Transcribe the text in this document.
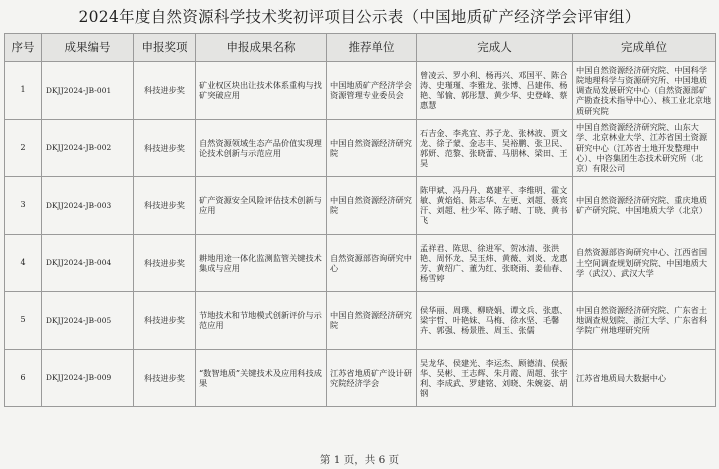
2024年度自然资源科学技术奖初评项目公示表（中国地质矿产经济学会评审组）
序号	成果编号	申报奖项	申报成果名称	推荐单位	完成人	完成单位
1	DKJJ2024-JB-001	科技进步奖	矿业权区块出让技术体系重构与找矿突破应用	中国地质矿产经济学会资源管理专业委员会	曾凌云、罗小利、杨再兴、邓国平、陈合涛、史瑾瑾、李雅龙、张博、吕建伟、杨艳、邹愉、郭彤慧、黄少华、史登峰、蔡惠慧	中国自然资源经济研究院、中国科学院地理科学与资源研究所、中国地质调查局发展研究中心（自然资源部矿产勘查技术指导中心）、核工业北京地质研究院
2	DKJJ2024-JB-002	科技进步奖	自然资源领域生态产品价值实现理论技术创新与示范应用	中国自然资源经济研究院	石吉金、李兆宜、苏子龙、张林波、贾文龙、徐子蒙、金志丰、吴裕鹏、张卫民、郭妍、范黎、张晓蕾、马朋林、梁田、王昊	中国自然资源经济研究院、山东大学、北京林业大学、江苏省国土资源研究中心（江苏省土地开发整理中心）、中咨集团生态技术研究所（北京）有限公司
3	DKJJ2024-JB-003	科技进步奖	矿产资源安全风险评估技术创新与应用	中国自然资源经济研究院	陈甲斌、冯丹丹、葛建平、李维明、霍文敏、黄焰焰、陈志华、左更、刘超、聂宾汗、刘超、杜少军、陈子晴、丁晓、黄书飞	中国自然资源经济研究院、重庆地质矿产研究院、中国地质大学（北京）
4	DKJJ2024-JB-004	科技进步奖	耕地用途一体化监测监管关键技术集成与应用	自然资源部咨询研究中心	孟祥君、陈思、徐进军、贺冰清、张洪艳、周怀龙、吴玉炜、黄薇、刘炎、龙惠芳、黄绍广、董为红、张晓雨、姜仙春、杨雪婷	自然资源部咨询研究中心、江西省国土空间调查规划研究院、中国地质大学（武汉）、武汉大学
5	DKJJ2024-JB-005	科技进步奖	节地技术和节地模式创新评价与示范应用	中国自然资源经济研究院	侯华丽、周璞、柳晓娟、谭文兵、张惠、梁宇哲、叶艳妹、马梅、徐水坚、毛馨卉、郭强、杨景胜、周玉、张儒	中国自然资源经济研究院、广东省土地调查规划院、浙江大学、广东省科学院广州地理研究所
6	DKJJ2024-JB-009	科技进步奖	“数智地质”关键技术及应用科技成果	江苏省地质矿产设计研究院经济学会	吴龙华、侯建光、李运杰、顾德清、侯振华、吴彬、王志辉、朱月霞、周超、张宇利、李成武、罗建铭、刘晓、朱婉姿、胡钢	江苏省地质局大数据中心
第 1 页，共 6 页
